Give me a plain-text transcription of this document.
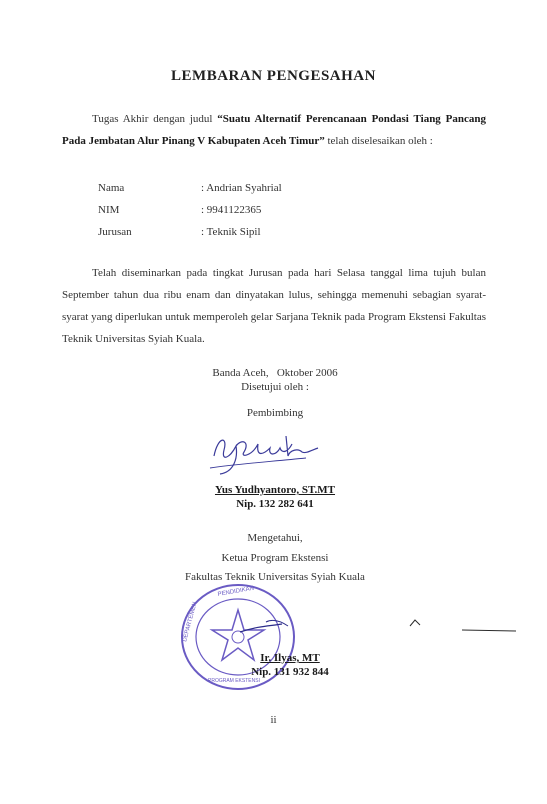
LEMBARAN PENGESAHAN
Tugas Akhir dengan judul “Suatu Alternatif Perencanaan Pondasi Tiang Pancang Pada Jembatan Alur Pinang V Kabupaten Aceh Timur” telah diselesaikan oleh :
Nama	: Andrian Syahrial
NIM	: 9941122365
Jurusan	: Teknik Sipil
Telah diseminarkan pada tingkat Jurusan pada hari Selasa tanggal lima tujuh bulan September tahun dua ribu enam dan dinyatakan lulus, sehingga memenuhi sebagian syarat-syarat yang diperlukan untuk memperoleh gelar Sarjana Teknik pada Program Ekstensi Fakultas Teknik Universitas Syiah Kuala.
Banda Aceh,   Oktober 2006
Disetujui oleh :
Pembimbing
Yus Yudhyantoro, ST.MT
Nip. 132 282 641
Mengetahui,
Ketua Program Ekstensi
Fakultas Teknik Universitas Syiah Kuala
PENDIDIKAN
DEPARTEMEN
PROGRAM EKSTENSI
Ir. Ilyas, MT
Nip. 131 932 844
ii
